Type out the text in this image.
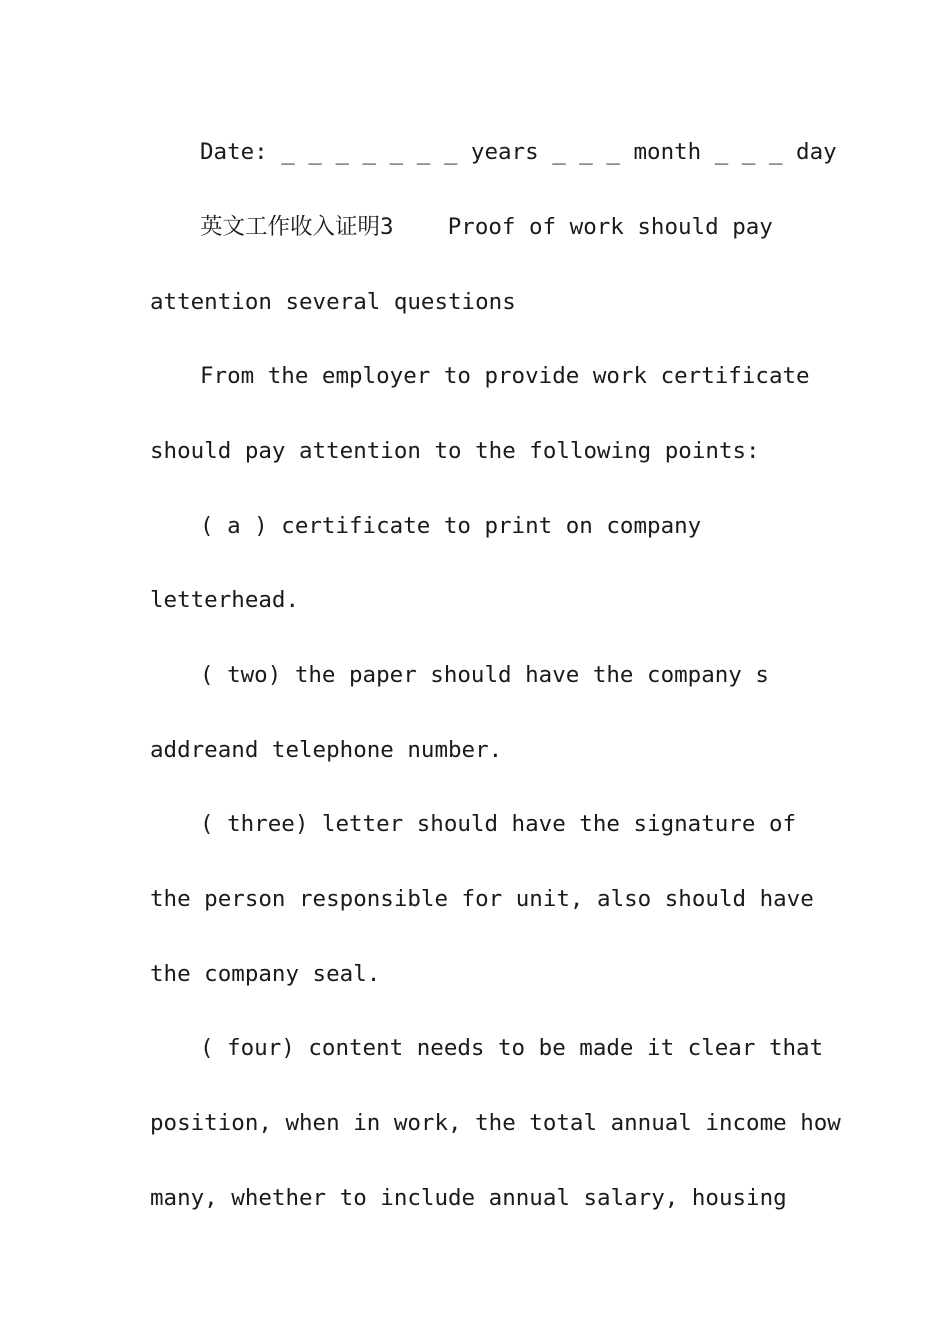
Date: _ _ _ _ _ _ _ years _ _ _ month _ _ _ day
英文工作收入证明3    Proof of work should pay
attention several questions
From the employer to provide work certificate
should pay attention to the following points:
( a ) certificate to print on company
letterhead.
( two) the paper should have the company s
addreand telephone number.
( three) letter should have the signature of
the person responsible for unit, also should have
the company seal.
( four) content needs to be made it clear that
position, when in work, the total annual income how
many, whether to include annual salary, housing
